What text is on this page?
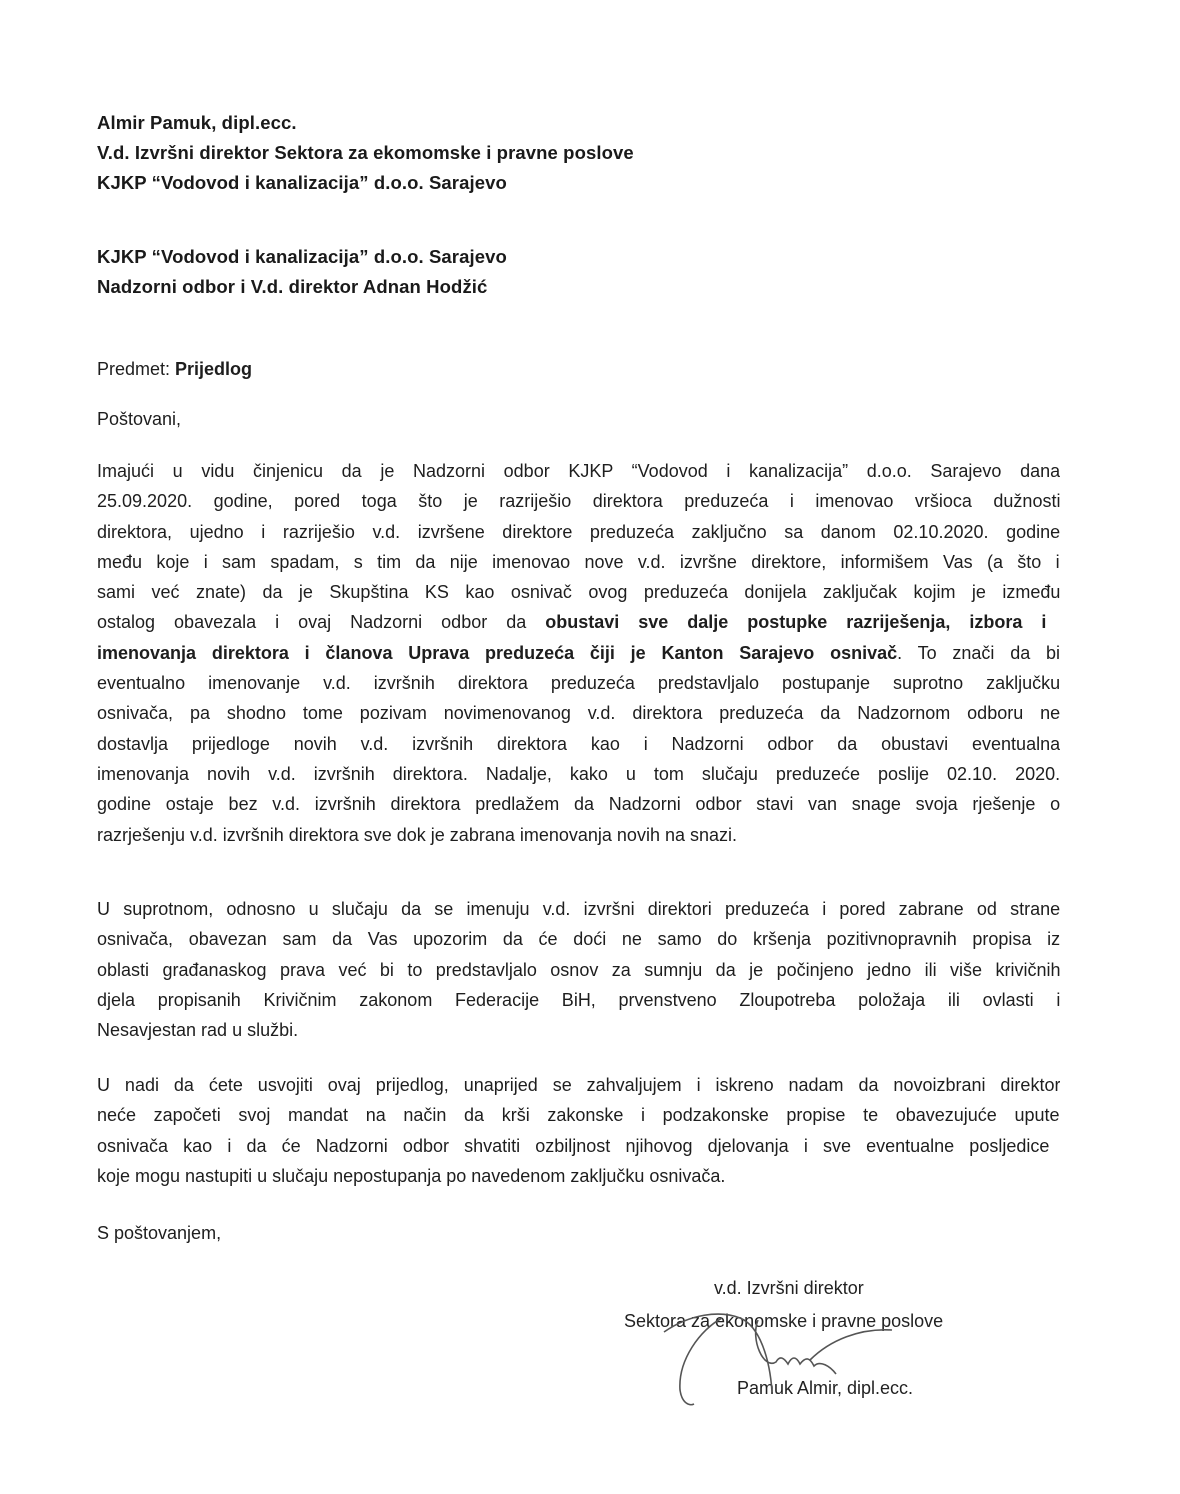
Almir Pamuk, dipl.ecc.
V.d. Izvršni direktor Sektora za ekomomske i pravne poslove
KJKP “Vodovod i kanalizacija” d.o.o. Sarajevo
KJKP “Vodovod i kanalizacija” d.o.o. Sarajevo
Nadzorni odbor i V.d. direktor Adnan Hodžić
Predmet: Prijedlog
Poštovani,
Imajući u vidu činjenicu da je Nadzorni odbor KJKP “Vodovod i kanalizacija” d.o.o. Sarajevo dana
25.09.2020. godine, pored toga što je razriješio direktora preduzeća i imenovao vršioca dužnosti
direktora, ujedno i razriješio v.d. izvršene direktore preduzeća zaključno sa danom 02.10.2020. godine
među koje i sam spadam, s tim da nije imenovao nove v.d. izvršne direktore, informišem Vas (a što i
sami već znate) da je Skupština KS kao osnivač ovog preduzeća donijela zaključak kojim je između
ostalog obavezala i ovaj Nadzorni odbor da obustavi sve dalje postupke razriješenja, izbora i
imenovanja direktora i članova Uprava preduzeća čiji je Kanton Sarajevo osnivač. To znači da bi
eventualno imenovanje v.d. izvršnih direktora preduzeća predstavljalo postupanje suprotno zaključku
osnivača, pa shodno tome pozivam novimenovanog v.d. direktora preduzeća da Nadzornom odboru ne
dostavlja prijedloge novih v.d. izvršnih direktora kao i Nadzorni odbor da obustavi eventualna
imenovanja novih v.d. izvršnih direktora. Nadalje, kako u tom slučaju preduzeće poslije 02.10. 2020.
godine ostaje bez v.d. izvršnih direktora predlažem da Nadzorni odbor stavi van snage svoja rješenje o
razrješenju v.d. izvršnih direktora sve dok je zabrana imenovanja novih na snazi.
U suprotnom, odnosno u slučaju da se imenuju v.d. izvršni direktori preduzeća i pored zabrane od strane
osnivača, obavezan sam da Vas upozorim da će doći ne samo do kršenja pozitivnopravnih propisa iz
oblasti građanaskog prava već bi to predstavljalo osnov za sumnju da je počinjeno jedno ili više krivičnih
djela propisanih Krivičnim zakonom Federacije BiH, prvenstveno Zloupotreba položaja ili ovlasti i
Nesavjestan rad u službi.
U nadi da ćete usvojiti ovaj prijedlog, unaprijed se zahvaljujem i iskreno nadam da novoizbrani direktor
neće započeti svoj mandat na način da krši zakonske i podzakonske propise te obavezujuće upute
osnivača kao i da će Nadzorni odbor shvatiti ozbiljnost njihovog djelovanja i sve eventualne posljedice
koje mogu nastupiti u slučaju nepostupanja po navedenom zaključku osnivača.
S poštovanjem,
v.d. Izvršni direktor
Sektora za ekonomske i pravne poslove
Pamuk Almir, dipl.ecc.
